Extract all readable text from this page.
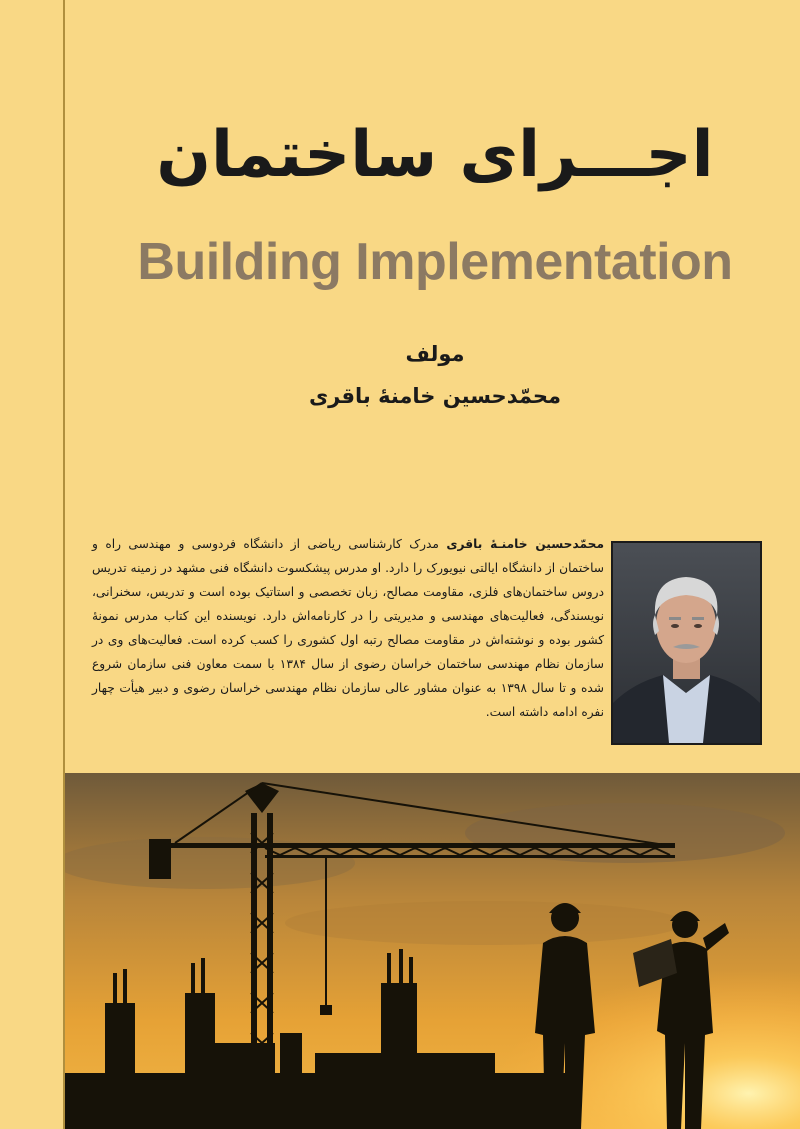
اجـــرای ساختمان
Building Implementation
مولف
محمّدحسین خامنهٔ باقری
محمّدحسین خامنـهٔ باقری مدرک کارشناسی ریاضی از دانشگاه فردوسی و مهندسی راه و ساختمان از دانشگاه ایالتی نیویورک را دارد. او مدرس پیشکسوت دانشگاه فنی مشهد در زمینه تدریس دروس ساختمان‌های فلزی، مقاومت مصالح، زبان تخصصی و استاتیک بوده است و تدریس، سخنرانی، نویسندگی، فعالیت‌های مهندسی و مدیریتی را در کارنامه‌اش دارد. نویسنده این کتاب مدرس نمونهٔ کشور بوده و نوشته‌اش در مقاومت مصالح رتبه اول کشوری را کسب کرده است. فعالیت‌های وی در سازمان نظام مهندسی ساختمان خراسان رضوی از سال ۱۳۸۴ با سمت معاون فنی سازمان شروع شده و تا سال ۱۳۹۸ به عنوان مشاور عالی سازمان نظام مهندسی خراسان رضوی و دبیر هیأت چهار نفره ادامه داشته است.
